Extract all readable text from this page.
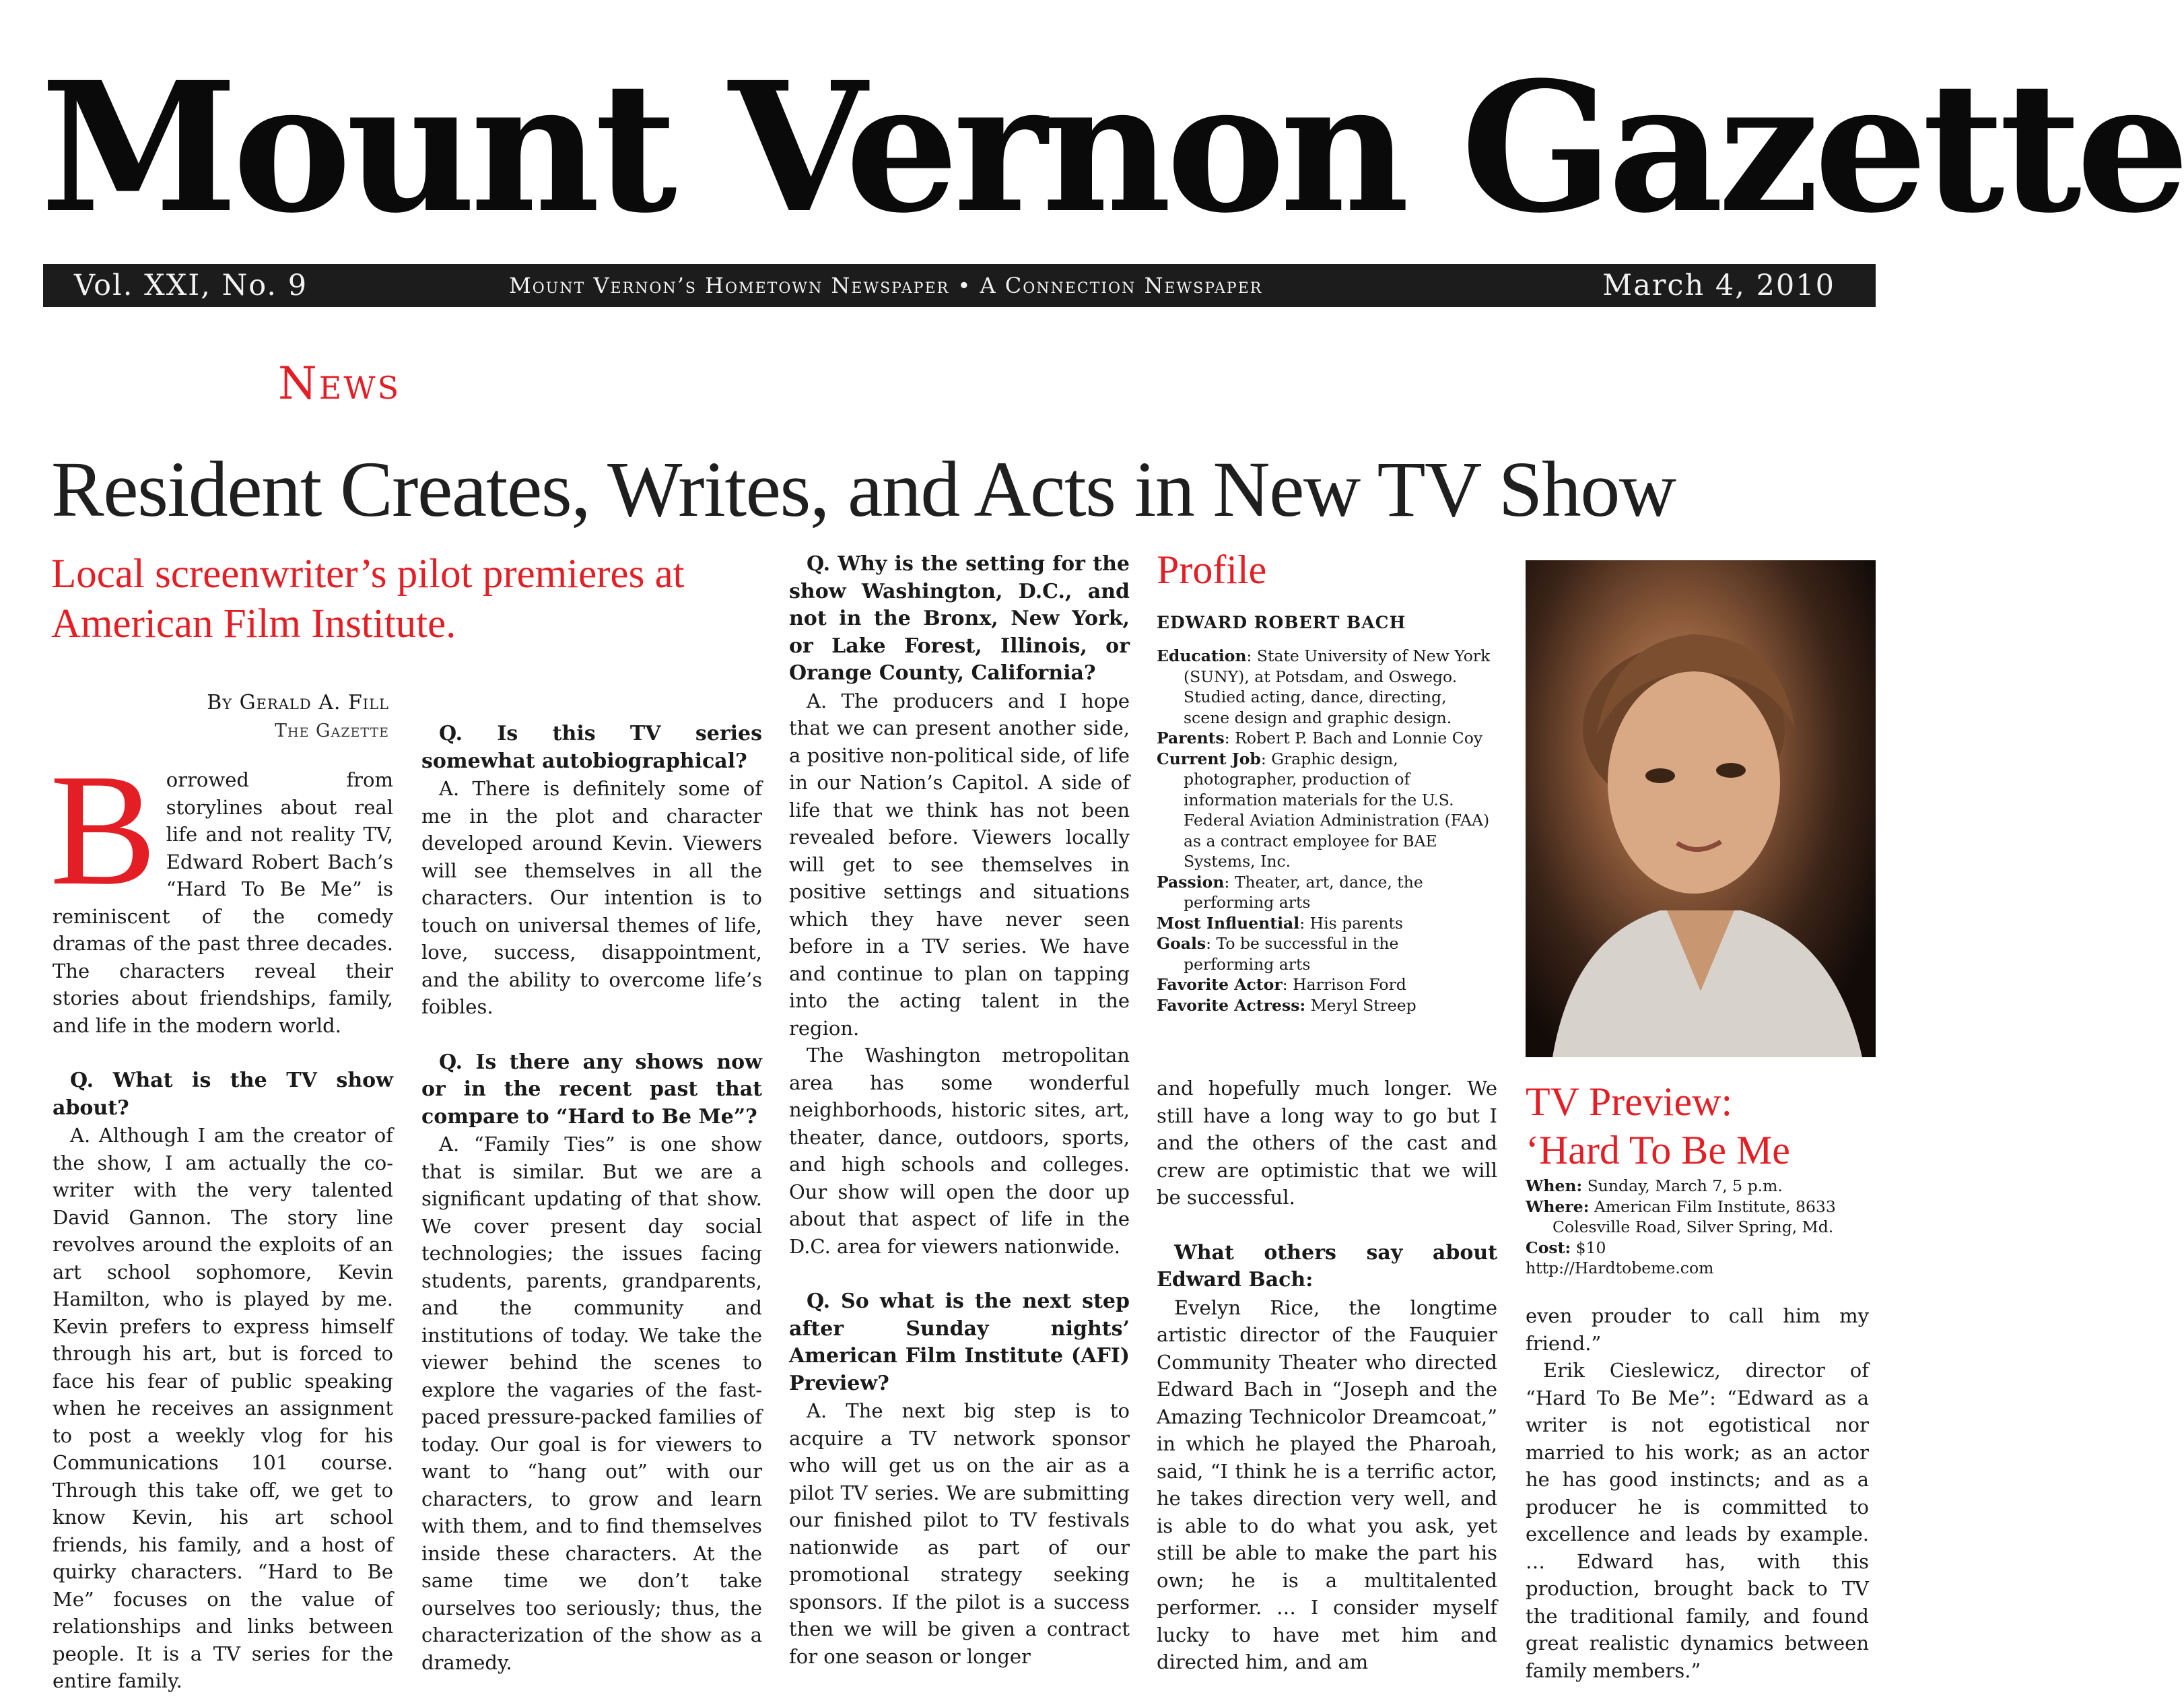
Mount Vernon Gazette
Vol. XXI, No. 9	Mount Vernon’s Hometown Newspaper • A Connection Newspaper	March 4, 2010
News
Resident Creates, Writes, and Acts in New TV Show
Local screenwriter’s pilot premieres at American Film Institute.
By Gerald A. Fill
The Gazette

Borrowed from storylines about real life and not reality TV, Edward Robert Bach’s “Hard To Be Me” is reminiscent of the comedy dramas of the past three decades. The characters reveal their stories about friendships, family, and life in the modern world.

Q. What is the TV show about?

A. Although I am the creator of the show, I am actually the co-writer with the very talented David Gannon. The story line revolves around the exploits of an art school sophomore, Kevin Hamilton, who is played by me. Kevin prefers to express himself through his art, but is forced to face his fear of public speaking when he receives an assignment to post a weekly vlog for his Communications 101 course. Through this take off, we get to know Kevin, his art school friends, his family, and a host of quirky characters. “Hard to Be Me” focuses on the value of relationships and links between people. It is a TV series for the entire family.

Q. Is this TV series somewhat autobiographical?

A. There is definitely some of me in the plot and character developed around Kevin. Viewers will see themselves in all the characters. Our intention is to touch on universal themes of life, love, success, disappointment, and the ability to overcome life’s foibles.

Q. Is there any shows now or in the recent past that compare to “Hard to Be Me”?

A. “Family Ties” is one show that is similar. But we are a significant updating of that show. We cover present day social technologies; the issues facing students, parents, grandparents, and the community and institutions of today. We take the viewer behind the scenes to explore the vagaries of the fast-paced pressure-packed families of today. Our goal is for viewers to want to “hang out” with our characters, to grow and learn with them, and to find themselves inside these characters. At the same time we don’t take ourselves too seriously; thus, the characterization of the show as a dramedy.

Q. Why is the setting for the show Washington, D.C., and not in the Bronx, New York, or Lake Forest, Illinois, or Orange County, California?

A. The producers and I hope that we can present another side, a positive non-political side, of life in our Nation’s Capitol. A side of life that we think has not been revealed before. Viewers locally will get to see themselves in positive settings and situations which they have never seen before in a TV series. We have and continue to plan on tapping into the acting talent in the region.

The Washington metropolitan area has some wonderful neighborhoods, historic sites, art, theater, dance, outdoors, sports, and high schools and colleges. Our show will open the door up about that aspect of life in the D.C. area for viewers nationwide.

Q. So what is the next step after Sunday nights’ American Film Institute (AFI) Preview?

A. The next big step is to acquire a TV network sponsor who will get us on the air as a pilot TV series. We are submitting our finished pilot to TV festivals nationwide as part of our promotional strategy seeking sponsors. If the pilot is a success then we will be given a contract for one season or longer

Profile
EDWARD ROBERT BACH
Education: State University of New York (SUNY), at Potsdam, and Oswego. Studied acting, dance, directing, scene design and graphic design.
Parents: Robert P. Bach and Lonnie Coy
Current Job: Graphic design, photographer, production of information materials for the U.S. Federal Aviation Administration (FAA) as a contract employee for BAE Systems, Inc.
Passion: Theater, art, dance, the performing arts
Most Influential: His parents
Goals: To be successful in the performing arts
Favorite Actor: Harrison Ford
Favorite Actress: Meryl Streep

and hopefully much longer. We still have a long way to go but I and the others of the cast and crew are optimistic that we will be successful.

What others say about Edward Bach:

Evelyn Rice, the longtime artistic director of the Fauquier Community Theater who directed Edward Bach in “Joseph and the Amazing Technicolor Dreamcoat,” in which he played the Pharoah, said, “I think he is a terrific actor, he takes direction very well, and is able to do what you ask, yet still be able to make the part his own; he is a multitalented performer. … I consider myself lucky to have met him and directed him, and am

TV Preview:
‘Hard To Be Me
When: Sunday, March 7, 5 p.m.
Where: American Film Institute, 8633 Colesville Road, Silver Spring, Md.
Cost: $10
http://Hardtobeme.com

even prouder to call him my friend.”

Erik Cieslewicz, director of “Hard To Be Me”: “Edward as a writer is not egotistical nor married to his work; as an actor he has good instincts; and as a producer he is committed to excellence and leads by example. … Edward has, with this production, brought back to TV the traditional family, and found great realistic dynamics between family members.”
